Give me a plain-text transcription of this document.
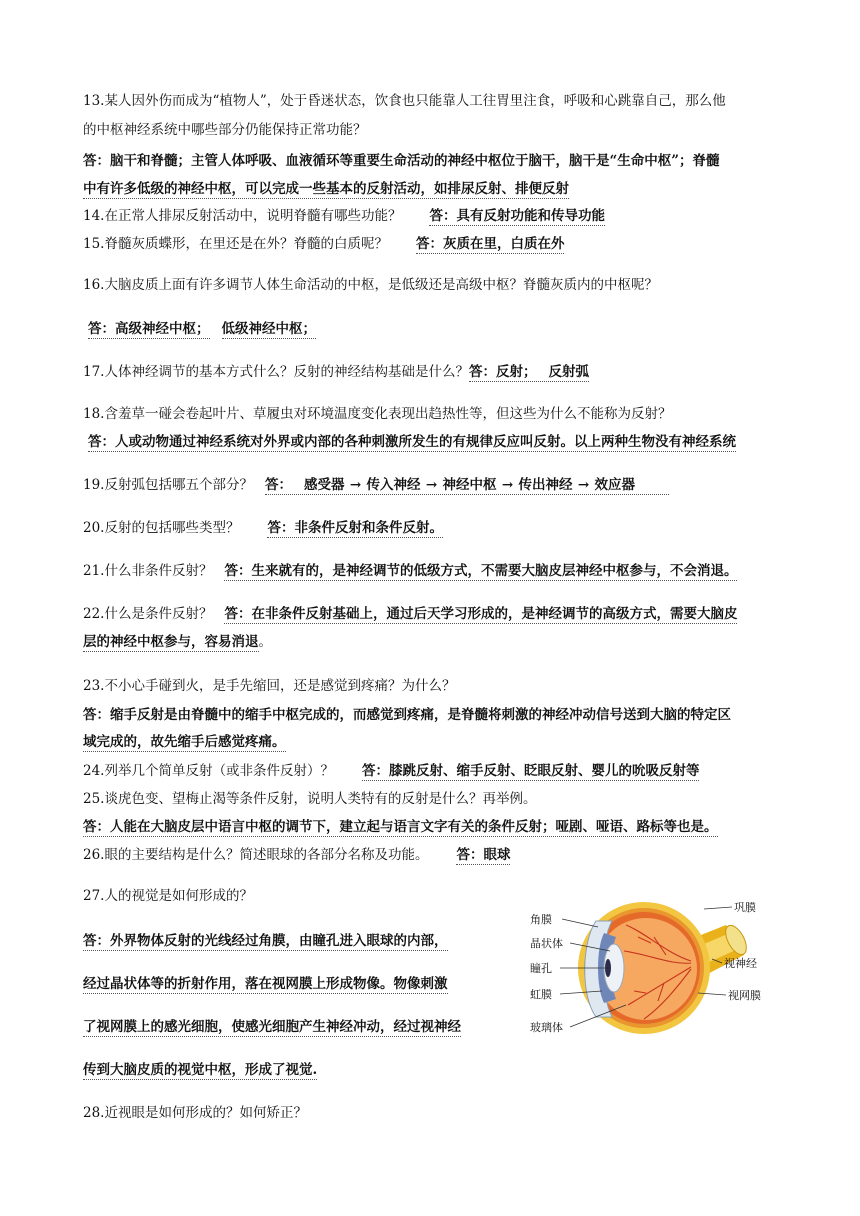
13.某人因外伤而成为“植物人”，处于昏迷状态，饮食也只能靠人工往胃里注食，呼吸和心跳靠自己，那么他
的中枢神经系统中哪些部分仍能保持正常功能？
答：脑干和脊髓；主管人体呼吸、血液循环等重要生命活动的神经中枢位于脑干，脑干是“生命中枢”；脊髓
中有许多低级的神经中枢，可以完成一些基本的反射活动，如排尿反射、排便反射
14.在正常人排尿反射活动中，说明脊髓有哪些功能？ 答：具有反射功能和传导功能
15.脊髓灰质蝶形，在里还是在外？脊髓的白质呢？ 答：灰质在里，白质在外
16.大脑皮质上面有许多调节人体生命活动的中枢，是低级还是高级中枢？脊髓灰质内的中枢呢？
答：高级神经中枢； 低级神经中枢；
17.人体神经调节的基本方式什么？反射的神经结构基础是什么？答：反射； 反射弧
18.含羞草一碰会卷起叶片、草履虫对环境温度变化表现出趋热性等，但这些为什么不能称为反射？
答：人或动物通过神经系统对外界或内部的各种刺激所发生的有规律反应叫反射。以上两种生物没有神经系统
19.反射弧包括哪五个部分？ 答： 感受器 → 传入神经 → 神经中枢 → 传出神经 → 效应器
20.反射的包括哪些类型？ 答：非条件反射和条件反射。
21.什么非条件反射？ 答：生来就有的，是神经调节的低级方式，不需要大脑皮层神经中枢参与，不会消退。
22.什么是条件反射？ 答：在非条件反射基础上，通过后天学习形成的，是神经调节的高级方式，需要大脑皮
层的神经中枢参与，容易消退。
23.不小心手碰到火，是手先缩回，还是感觉到疼痛？为什么？
答：缩手反射是由脊髓中的缩手中枢完成的，而感觉到疼痛，是脊髓将刺激的神经冲动信号送到大脑的特定区
域完成的，故先缩手后感觉疼痛。
24.列举几个简单反射（或非条件反射）？ 答：膝跳反射、缩手反射、眨眼反射、婴儿的吮吸反射等
25.谈虎色变、望梅止渴等条件反射，说明人类特有的反射是什么？再举例。
答：人能在大脑皮层中语言中枢的调节下，建立起与语言文字有关的条件反射；哑剧、哑语、路标等也是。
26.眼的主要结构是什么？简述眼球的各部分名称及功能。 答：眼球
27.人的视觉是如何形成的？
答：外界物体反射的光线经过角膜，由瞳孔进入眼球的内部，
经过晶状体等的折射作用，落在视网膜上形成物像。物像刺激
了视网膜上的感光细胞，使感光细胞产生神经冲动，经过视神经
传到大脑皮质的视觉中枢，形成了视觉.
28.近视眼是如何形成的？如何矫正？
角膜
晶状体
瞳孔
虹膜
玻璃体
巩膜
视神经
视网膜
